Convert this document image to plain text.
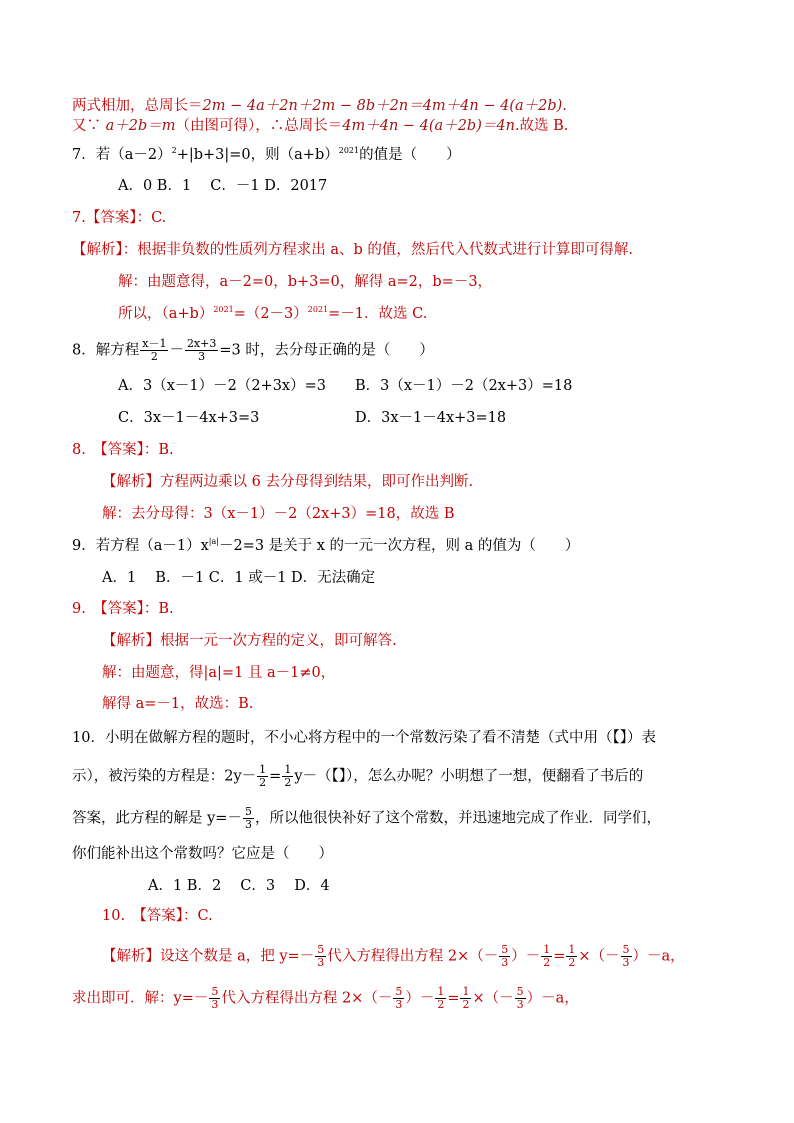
两式相加，总周长＝2m − 4a＋2n＋2m − 8b＋2n＝4m＋4n − 4(a＋2b).
又∵ a＋2b＝m（由图可得），∴总周长＝4m＋4n − 4(a＋2b)＝4n.故选 B.
7．若$(a-2)^2+|b+3|=0$，则$(a+b)^{2021}$的值是（　　）
A．0 B．1　 C．－1 D．2017
7.【答案】：C.
【解析】：根据非负数的性质列方程求出 a、b 的值，然后代入代数式进行计算即可得解.
解：由题意得，a－2=0，b+3=0，解得 a=2，b=－3，
所以，$(a+b)^{2021}=(2-3)^{2021}=-1$．故选 C.
8．解方程 $\frac{x-1}{2} - \frac{2x+3}{3} =3$ 时，去分母正确的是（　　）
A．3（x－1）－2（2+3x）=3 B．3（x－1）－2（2x+3）=18
C．3x－1－4x+3=3	D．3x－1－4x+3=18
8.　【答案】：B.
【解析】方程两边乘以 6 去分母得到结果，即可作出判断.
解：去分母得：3（x－1）－2（2x+3）=18，故选 B
9．若方程$(a-1)x^{|a|}-2=3$ 是关于 x 的一元一次方程，则 a 的值为（　　）
A．1　 B．－1 C．1 或－1 D．无法确定
9.　【答案】：B.
【解析】根据一元一次方程的定义，即可解答.
解：由题意，得|a|=1 且 a－1≠0，
解得 a=－1，故选：B.
10．小明在做解方程的题时，不小心将方程中的一个常数污染了看不清楚（式中用（【】）表
示），被污染的方程是：$2y- \frac{1}{2} = \frac{1}{2} y-$（【】），怎么办呢？小明想了一想，便翻看了书后的
答案，此方程的解是 $y=- \frac{5}{3}$ ，所以他很快补好了这个常数，并迅速地完成了作业．同学们，
你们能补出这个常数吗？它应是（　　）
A．1 B．2　 C．3　 D．4
10.　【答案】：C.
【解析】设这个数是 a，把 $y=- \frac{5}{3}$ 代入方程得出方程 $2\times(- \frac{5}{3}$ ）－ $\frac{1}{2} = \frac{1}{2}$ ×（－ $\frac{5}{3} )-a$，
求出即可．解：$y=- \frac{5}{3}$ 代入方程得出方程 $2\times(- \frac{5}{3}$ ）－ $\frac{1}{2} = \frac{1}{2}$ ×（－ $\frac{5}{3} )-a$，
